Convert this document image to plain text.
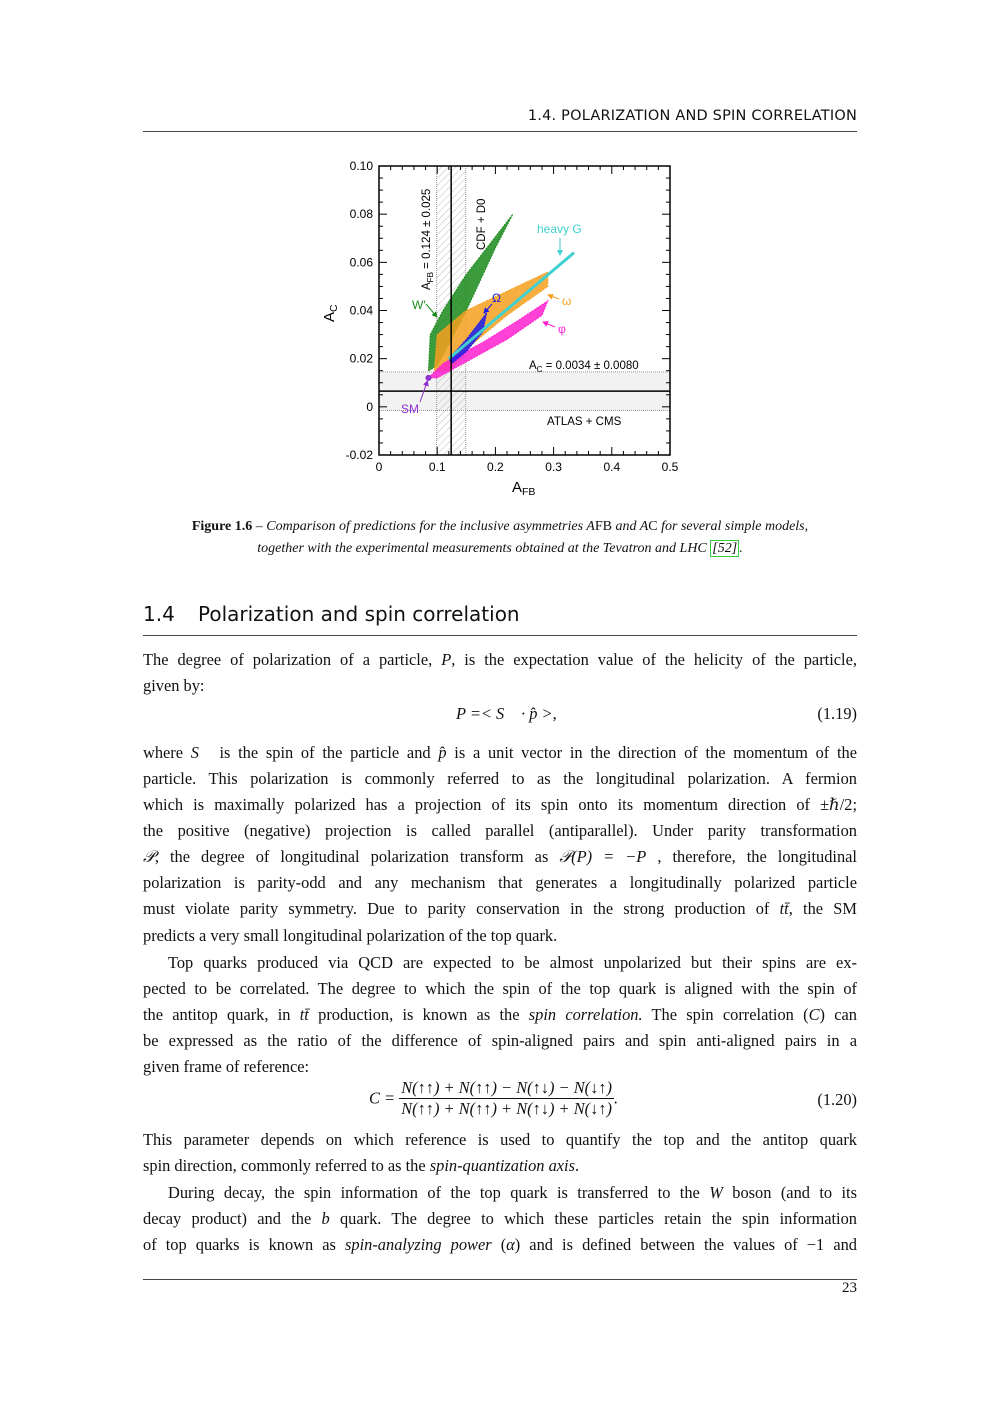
1.4. POLARIZATION AND SPIN CORRELATION
0	0.1	0.2	0.3	0.4	0.5
0.10
0.08
0.06
0.04
0.02
0
-0.02
$A_{FB}$
$A_C$
$A_{FB} = 0.124 \pm 0.025$	CDF + D0
$A_C = 0.0034 \pm 0.0080$
ATLAS + CMS
W′	ω
φ
Ω
heavy G
SM
Figure 1.6 – Comparison of predictions for the inclusive asymmetries AFB and AC for several simple models,
together with the experimental measurements obtained at the Tevatron and LHC [52] .
1.4 Polarization and spin correlation
The degree of polarization of a particle, P, is the expectation value of the helicity of the particle,
given by:
where S⃗ is the spin of the particle and p̂ is a unit vector in the direction of the momentum of the
particle. This polarization is commonly referred to as the longitudinal polarization. A fermion
which is maximally polarized has a projection of its spin onto its momentum direction of ±ℏ/2;
the positive (negative) projection is called parallel (antiparallel). Under parity transformation
𝒫, the degree of longitudinal polarization transform as 𝒫(P) = −P , therefore, the longitudinal
polarization is parity-odd and any mechanism that generates a longitudinally polarized particle
must violate parity symmetry. Due to parity conservation in the strong production of tt̄, the SM
predicts a very small longitudinal polarization of the top quark.
Top quarks produced via QCD are expected to be almost unpolarized but their spins are ex-
pected to be correlated. The degree to which the spin of the top quark is aligned with the spin of
the antitop quark, in tt̄ production, is known as the spin correlation. The spin correlation (C) can
be expressed as the ratio of the difference of spin-aligned pairs and spin anti-aligned pairs in a
given frame of reference:
This parameter depends on which reference is used to quantify the top and the antitop quark
spin direction, commonly referred to as the spin-quantization axis.
During decay, the spin information of the top quark is transferred to the W boson (and to its
decay product) and the b quark. The degree to which these particles retain the spin information
of top quarks is known as spin-analyzing power (α) and is defined between the values of −1 and
P =< S⃗ · p̂ >,	(1.19)
$C = \frac{N(↑↑) + N(↑↑) - N(↑↓) - N(↓↑)}{N(↑↑) + N(↑↑) + N(↑↓) + N(↓↑)}$ .	(1.20)
23
